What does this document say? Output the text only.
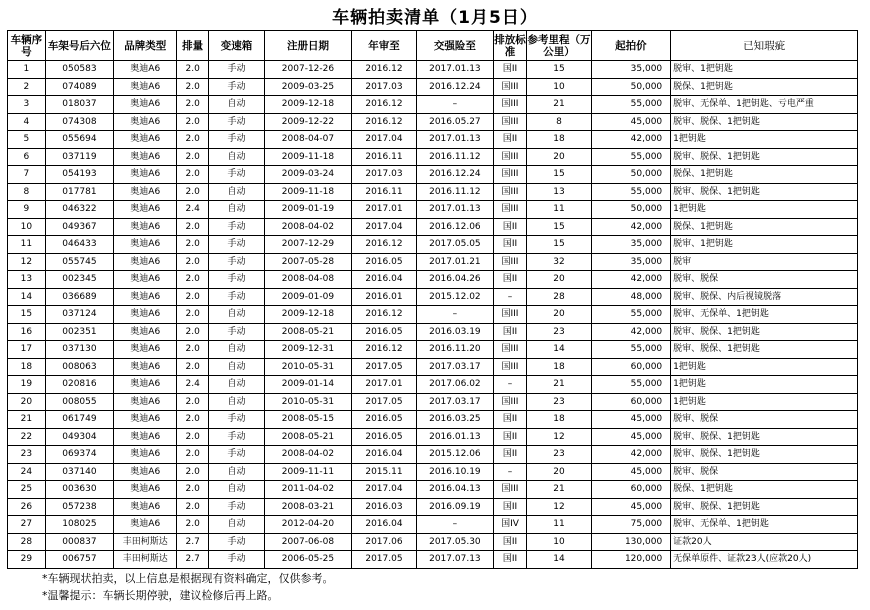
车辆拍卖清单（1月5日）
车辆序号	车架号后六位	品牌类型	排量	变速箱	注册日期	年审至	交强险至	排放标准	参考里程（万公里）	起拍价	已知瑕疵
1	050583	奥迪A6	2.0	手动	2007-12-26	2016.12	2017.01.13	国II	15	35,000	脱审、1把钥匙
2	074089	奥迪A6	2.0	手动	2009-03-25	2017.03	2016.12.24	国III	10	50,000	脱保、1把钥匙
3	018037	奥迪A6	2.0	自动	2009-12-18	2016.12	–	国III	21	55,000	脱审、无保单、1把钥匙、亏电严重
4	074308	奥迪A6	2.0	手动	2009-12-22	2016.12	2016.05.27	国III	8	45,000	脱审、脱保、1把钥匙
5	055694	奥迪A6	2.0	手动	2008-04-07	2017.04	2017.01.13	国II	18	42,000	1把钥匙
6	037119	奥迪A6	2.0	自动	2009-11-18	2016.11	2016.11.12	国III	20	55,000	脱审、脱保、1把钥匙
7	054193	奥迪A6	2.0	手动	2009-03-24	2017.03	2016.12.24	国III	15	50,000	脱保、1把钥匙
8	017781	奥迪A6	2.0	自动	2009-11-18	2016.11	2016.11.12	国III	13	55,000	脱审、脱保、1把钥匙
9	046322	奥迪A6	2.4	自动	2009-01-19	2017.01	2017.01.13	国III	11	50,000	1把钥匙
10	049367	奥迪A6	2.0	手动	2008-04-02	2017.04	2016.12.06	国II	15	42,000	脱保、1把钥匙
11	046433	奥迪A6	2.0	手动	2007-12-29	2016.12	2017.05.05	国II	15	35,000	脱审、1把钥匙
12	055745	奥迪A6	2.0	手动	2007-05-28	2016.05	2017.01.21	国III	32	35,000	脱审
13	002345	奥迪A6	2.0	手动	2008-04-08	2016.04	2016.04.26	国II	20	42,000	脱审、脱保
14	036689	奥迪A6	2.0	手动	2009-01-09	2016.01	2015.12.02	–	28	48,000	脱审、脱保、内后视镜脱落
15	037124	奥迪A6	2.0	自动	2009-12-18	2016.12	–	国III	20	55,000	脱审、无保单、1把钥匙
16	002351	奥迪A6	2.0	手动	2008-05-21	2016.05	2016.03.19	国II	23	42,000	脱审、脱保、1把钥匙
17	037130	奥迪A6	2.0	自动	2009-12-31	2016.12	2016.11.20	国III	14	55,000	脱审、脱保、1把钥匙
18	008063	奥迪A6	2.0	自动	2010-05-31	2017.05	2017.03.17	国III	18	60,000	1把钥匙
19	020816	奥迪A6	2.4	自动	2009-01-14	2017.01	2017.06.02	–	21	55,000	1把钥匙
20	008055	奥迪A6	2.0	自动	2010-05-31	2017.05	2017.03.17	国III	23	60,000	1把钥匙
21	061749	奥迪A6	2.0	手动	2008-05-15	2016.05	2016.03.25	国II	18	45,000	脱审、脱保
22	049304	奥迪A6	2.0	手动	2008-05-21	2016.05	2016.01.13	国II	12	45,000	脱审、脱保、1把钥匙
23	069374	奥迪A6	2.0	手动	2008-04-02	2016.04	2015.12.06	国II	23	42,000	脱审、脱保、1把钥匙
24	037140	奥迪A6	2.0	自动	2009-11-11	2015.11	2016.10.19	–	20	45,000	脱审、脱保
25	003630	奥迪A6	2.0	自动	2011-04-02	2017.04	2016.04.13	国III	21	60,000	脱保、1把钥匙
26	057238	奥迪A6	2.0	手动	2008-03-21	2016.03	2016.09.19	国II	12	45,000	脱审、脱保、1把钥匙
27	108025	奥迪A6	2.0	自动	2012-04-20	2016.04	–	国IV	11	75,000	脱审、无保单、1把钥匙
28	000837	丰田柯斯达	2.7	手动	2007-06-08	2017.06	2017.05.30	国II	10	130,000	证款20人
29	006757	丰田柯斯达	2.7	手动	2006-05-25	2017.05	2017.07.13	国II	14	120,000	无保单原件、证款23人(应款20人)
*车辆现状拍卖，以上信息是根据现有资料确定，仅供参考。
*温馨提示：车辆长期停驶，建议检修后再上路。
